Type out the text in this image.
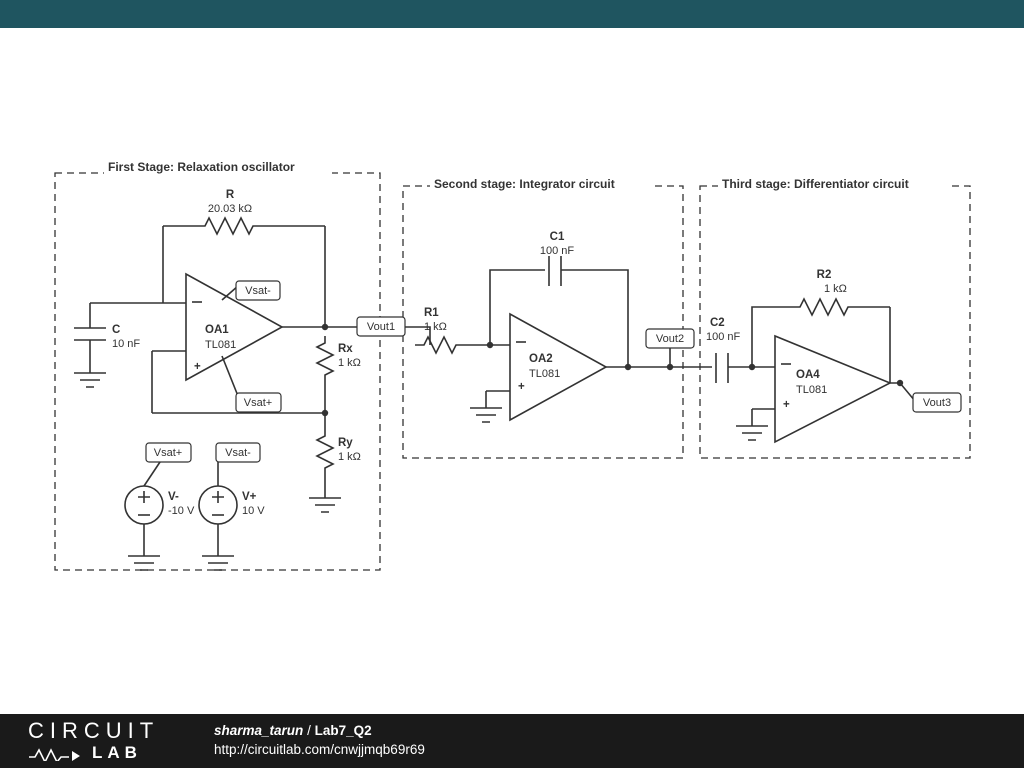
First Stage: Relaxation oscillator
Second stage: Integrator circuit	Third stage: Differentiator circuit
R
20.03 kΩ
C
10 nF
OA1
TL081
+
Vsat-
Vsat+
Vout1
Rx
1 kΩ
Ry
1 kΩ
Vsat+
V-
-10 V
Vsat-
V+
10 V
R1
1 kΩ
C1
100 nF
OA2
TL081
+
Vout2
C2
100 nF
R2
1 kΩ
OA4
TL081
+	Vout3
CIRCUIT
LAB
sharma_tarun / Lab7_Q2
http://circuitlab.com/cnwjjmqb69r69
